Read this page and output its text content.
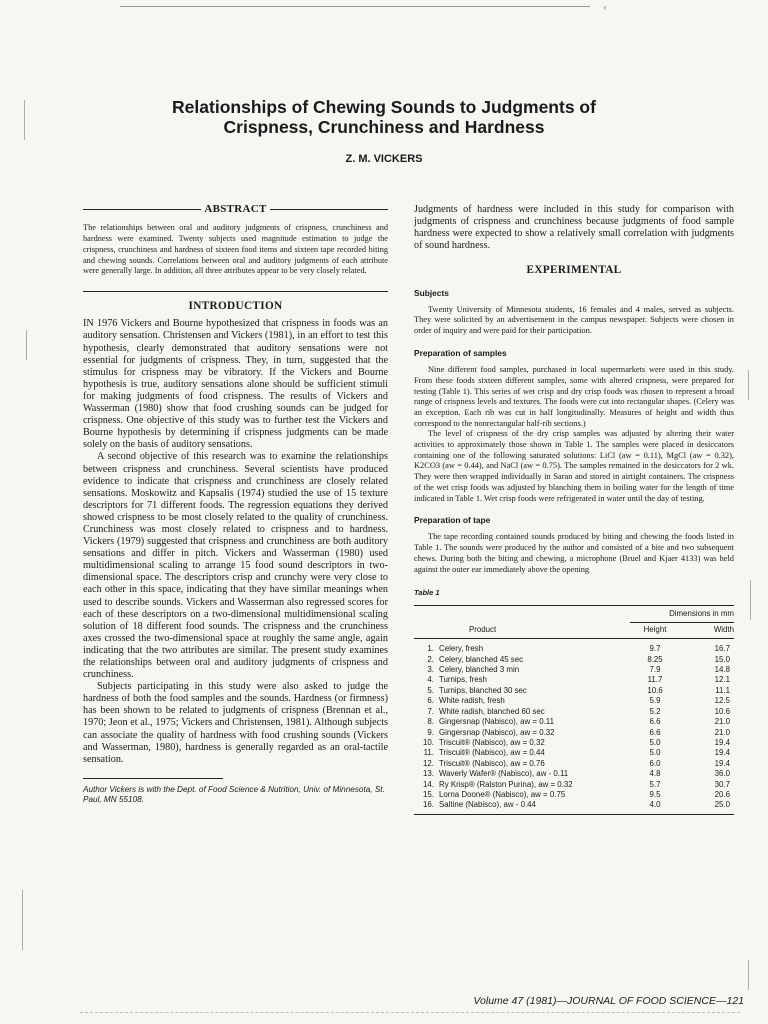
ʳ
Relationships of Chewing Sounds to Judgments of
Crispness, Crunchiness and Hardness
Z. M. VICKERS
ABSTRACT

The relationships between oral and auditory judgments of crispness, crunchiness and hardness were examined. Twenty subjects used magnitude estimation to judge the crispness, crunchiness and hardness of sixteen food items and sixteen tape recorded biting and chewing sounds. Correlations between oral and auditory judgments of each attribute were generally large. In addition, all three attributes appear to be very closely related.

INTRODUCTION

IN 1976 Vickers and Bourne hypothesized that crispness in foods was an auditory sensation. Christensen and Vickers (1981), in an effort to test this hypothesis, clearly demonstrated that auditory sensations were not essential for judgments of crispness. They, in turn, suggested that the stimulus for crispness may be vibratory. If the Vickers and Bourne hypothesis is true, auditory sensations alone should be sufficient stimuli for making judgments of food crispness. The results of Vickers and Wasserman (1980) show that food crushing sounds can be judged for crispness. One objective of this study was to further test the Vickers and Bourne hypothesis by determining if crispness judgments can be made solely on the basis of auditory sensations.

A second objective of this research was to examine the relationships between crispness and crunchiness. Several scientists have produced evidence to indicate that crispness and crunchiness are closely related sensations. Moskowitz and Kapsalis (1974) studied the use of 15 texture descriptors for 71 different foods. The regression equations they derived showed crispness to be most closely related to the quality of crunchiness. Crunchiness was most closely related to crispness and to hardness. Vickers (1979) suggested that crispness and crunchiness are both auditory sensations and differ in pitch. Vickers and Wasserman (1980) used multidimensional scaling to arrange 15 food sound descriptors in two-dimensional space. The descriptors crisp and crunchy were very close to each other in this space, indicating that they have similar meanings when used to describe sounds. Vickers and Wasserman also regressed scores for each of these descriptors on a two-dimensional multidimensional scaling solution of 18 different food sounds. The crispness and the crunchiness axes crossed the two-dimensional space at roughly the same angle, again indicating that the two attributes are similar. The present study examines the relationships between oral and auditory judgments of crispness and crunchiness.

Subjects participating in this study were also asked to judge the hardness of both the food samples and the sounds. Hardness (or firmness) has been shown to be related to judgments of crispness (Brennan et al., 1970; Jeon et al., 1975; Vickers and Christensen, 1981). Although subjects can associate the quality of hardness with food crushing sounds (Vickers and Wasserman, 1980), hardness is generally regarded as an oral-tactile sensation.

Author Vickers is with the Dept. of Food Science & Nutrition, Univ. of Minnesota, St. Paul, MN 55108.

Judgments of hardness were included in this study for comparison with judgments of crispness and crunchiness because judgments of food sample hardness were expected to show a relatively small correlation with judgments of sound hardness.

EXPERIMENTAL
Subjects

Twenty University of Minnesota students, 16 females and 4 males, served as subjects. They were solicited by an advertisement in the campus newspaper. Subjects were chosen in order of inquiry and were paid for their participation.

Preparation of samples

Nine different food samples, purchased in local supermarkets were used in this study. From these foods sixteen different samples, some with altered crispness, were prepared for testing (Table 1). This series of wet crisp and dry crisp foods was chosen to represent a broad range of crispness levels and textures. The foods were cut into rectangular shapes. (Celery was an exception. Each rib was cut in half longitudinally. Measures of height and width thus correspond to the nonrectangular half-rib sections.)

The level of crispness of the dry crisp samples was adjusted by altering their water activities to approximately those shown in Table 1. The samples were placed in desiccators containing one of the following saturated solutions: LiCl (aw = 0.11), MgCl (aw = 0.32), K2CO3 (aw = 0.44), and NaCl (aw = 0.75). The samples remained in the desiccators for 2 wk. They were then wrapped individually in Saran and stored in airtight containers. The crispness of the wet crisp foods was adjusted by blanching them in boiling water for the length of time indicated in Table 1. Wet crisp foods were refrigerated in water until the day of testing.

Preparation of tape

The tape recording contained sounds produced by biting and chewing the foods listed in Table 1. The sounds were produced by the author and consisted of a bite and two subsequent chews. During both the biting and chewing, a microphone (Bruel and Kjaer 4133) was held against the outer ear immediately above the opening

Table 1
		Dimensions in mm	
	Product	Height	Width
1.	Celery, fresh	9.7	16.7
2.	Celery, blanched 45 sec	8.25	15.0
3.	Celery, blanched 3 min	7.9	14.8
4.	Turnips, fresh	11.7	12.1
5.	Turnips, blanched 30 sec	10.6	11.1
6.	White radish, fresh	5.9	12.5
7.	White radish, blanched 60 sec	5.2	10.6
8.	Gingersnap (Nabisco), aw = 0.11	6.6	21.0
9.	Gingersnap (Nabisco), aw = 0.32	6.6	21.0
10.	Triscuit® (Nabisco), aw = 0.32	5.0	19.4
11.	Triscuit® (Nabisco), aw = 0.44	5.0	19.4
12.	Triscuit® (Nabisco), aw = 0.76	6.0	19.4
13.	Waverly Wafer® (Nabisco), aw - 0.11	4.8	36.0
14.	Ry Krisp® (Ralston Purina), aw = 0.32	5.7	30.7
15.	Lorna Doone® (Nabisco), aw = 0.75	9.5	20.6
16.	Saltine (Nabisco), aw - 0.44	4.0	25.0
Volume 47 (1981)—JOURNAL OF FOOD SCIENCE—121
